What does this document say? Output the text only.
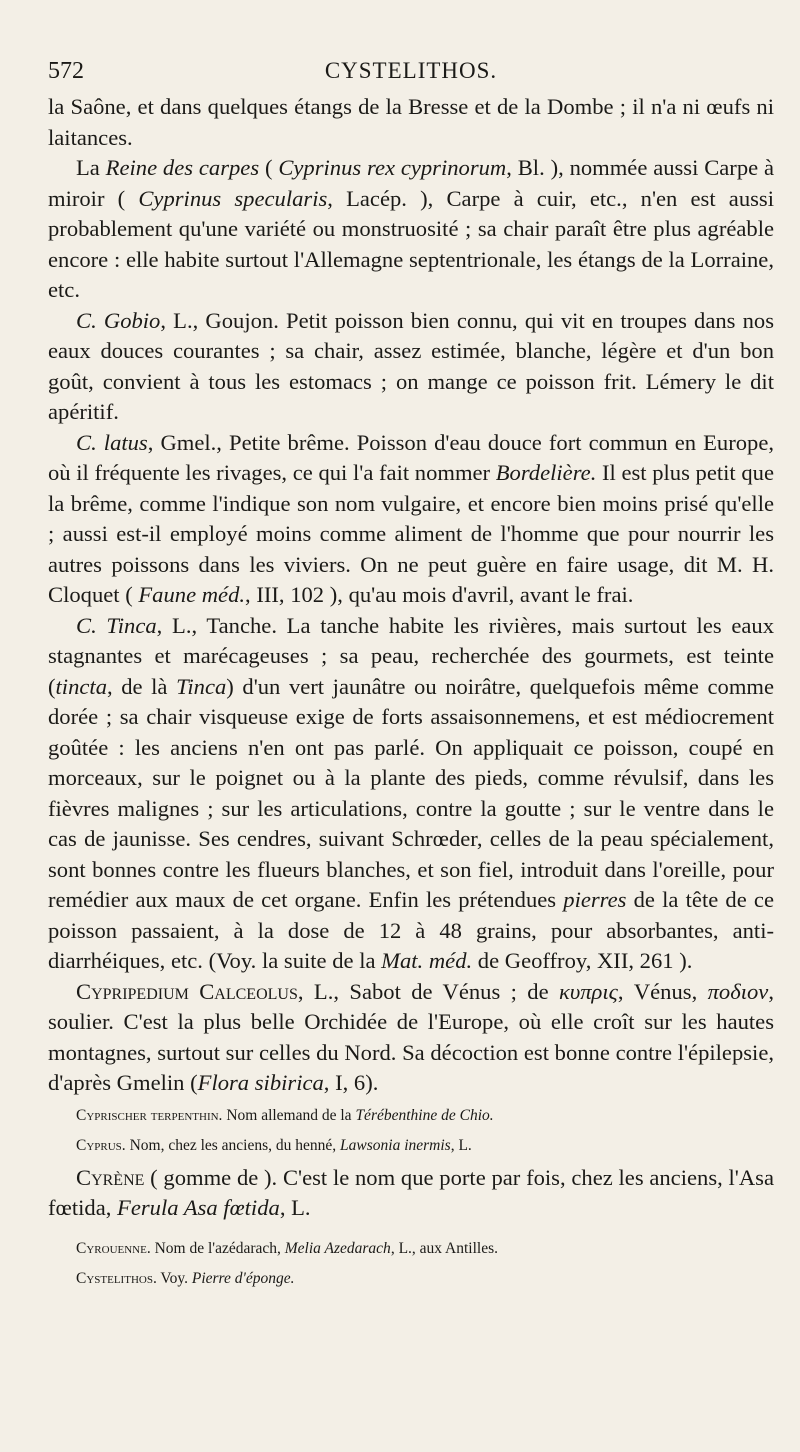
572	CYSTELITHOS.

la Saône, et dans quelques étangs de la Bresse et de la Dombe ; il n'a ni œufs ni laitances.

La Reine des carpes ( Cyprinus rex cyprinorum, Bl. ), nommée aussi Carpe à miroir ( Cyprinus specularis, Lacép. ), Carpe à cuir, etc., n'en est aussi probablement qu'une variété ou monstruosité ; sa chair paraît être plus agréable encore : elle habite surtout l'Allemagne septentrionale, les étangs de la Lorraine, etc.

C. Gobio, L., Goujon. Petit poisson bien connu, qui vit en troupes dans nos eaux douces courantes ; sa chair, assez estimée, blanche, légère et d'un bon goût, convient à tous les estomacs ; on mange ce poisson frit. Lémery le dit apéritif.

C. latus, Gmel., Petite brême. Poisson d'eau douce fort commun en Europe, où il fréquente les rivages, ce qui l'a fait nommer Bordelière. Il est plus petit que la brême, comme l'indique son nom vulgaire, et encore bien moins prisé qu'elle ; aussi est-il employé moins comme aliment de l'homme que pour nourrir les autres poissons dans les viviers. On ne peut guère en faire usage, dit M. H. Cloquet ( Faune méd., III, 102 ), qu'au mois d'avril, avant le frai.

C. Tinca, L., Tanche. La tanche habite les rivières, mais surtout les eaux stagnantes et marécageuses ; sa peau, recherchée des gourmets, est teinte (tincta, de là Tinca) d'un vert jaunâtre ou noirâtre, quelquefois même comme dorée ; sa chair visqueuse exige de forts assaisonnemens, et est médiocrement goûtée : les anciens n'en ont pas parlé. On appliquait ce poisson, coupé en morceaux, sur le poignet ou à la plante des pieds, comme révulsif, dans les fièvres malignes ; sur les articulations, contre la goutte ; sur le ventre dans le cas de jaunisse. Ses cendres, suivant Schrœder, celles de la peau spécialement, sont bonnes contre les flueurs blanches, et son fiel, introduit dans l'oreille, pour remédier aux maux de cet organe. Enfin les prétendues pierres de la tête de ce poisson passaient, à la dose de 12 à 48 grains, pour absorbantes, anti-diarrhéiques, etc. (Voy. la suite de la Mat. méd. de Geoffroy, XII, 261 ).

Cypripedium Calceolus, L., Sabot de Vénus ; de κυπρις, Vénus, ποδιον, soulier. C'est la plus belle Orchidée de l'Europe, où elle croît sur les hautes montagnes, surtout sur celles du Nord. Sa décoction est bonne contre l'épilepsie, d'après Gmelin (Flora sibirica, I, 6).

Cyprischer terpenthin. Nom allemand de la Térébenthine de Chio.

Cyprus. Nom, chez les anciens, du henné, Lawsonia inermis, L.

Cyrène ( gomme de ). C'est le nom que porte par fois, chez les anciens, l'Asa fœtida, Ferula Asa fœtida, L.

Cyrouenne. Nom de l'azédarach, Melia Azedarach, L., aux Antilles.

Cystelithos. Voy. Pierre d'éponge.
